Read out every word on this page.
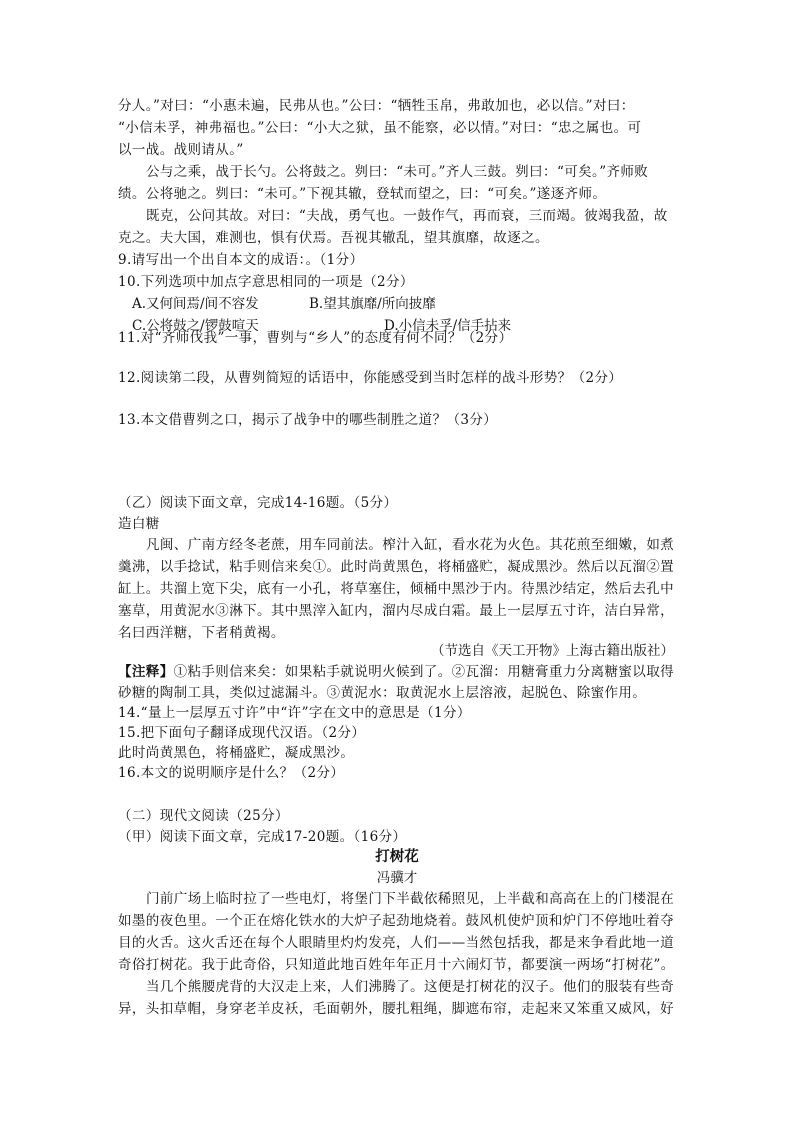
分人。”对曰：“小惠未遍，民弗从也。”公曰：“牺牲玉帛，弗敢加也，必以信。”对曰：
“小信未孚，神弗福也。”公曰：“小大之狱，虽不能察，必以情。”对曰：“忠之属也。可
以一战。战则请从。”
公与之乘，战于长勺。公将鼓之。刿曰：“未可。”齐人三鼓。刿曰：“可矣。”齐师败
绩。公将驰之。刿曰：“未可。”下视其辙，登轼而望之，曰：“可矣。”遂逐齐师。
既克，公问其故。对曰：“夫战，勇气也。一鼓作气，再而衰，三而竭。彼竭我盈，故
克之。夫大国，难测也，惧有伏焉。吾视其辙乱，望其旗靡，故逐之。
9.请写出一个出自本文的成语：。（1分）
10.下列选项中加点字意思相同的一项是（2分）
A.又何间焉/间不容发	B.望其旗靡/所向披靡
C.公将鼓之/锣鼓喧天	D.小信未孚/信手拈来
11.对“齐师伐我”一事，曹刿与“乡人”的态度有何不同？（2分）
12.阅读第二段，从曹刿简短的话语中，你能感受到当时怎样的战斗形势？（2分）
13.本文借曹刿之口，揭示了战争中的哪些制胜之道？（3分）
（乙）阅读下面文章，完成14-16题。（5分）
造白糖
凡闽、广南方经冬老蔗，用车同前法。榨汁入缸，看水花为火色。其花煎至细嫩，如煮
羹沸，以手捻试，粘手则信来矣①。此时尚黄黑色，将桶盛贮，凝成黑沙。然后以瓦溜②置
缸上。共溜上宽下尖，底有一小孔，将草塞住，倾桶中黑沙于内。待黑沙结定，然后去孔中
塞草，用黄泥水③淋下。其中黑滓入缸内，溜内尽成白霜。最上一层厚五寸许，洁白异常，
名曰西洋糖，下者稍黄褐。
（节选自《天工开物》上海古籍出版社）
【注释】①粘手则信来矣：如果粘手就说明火候到了。②瓦溜：用糖膏重力分离糖蜜以取得
砂糖的陶制工具，类似过滤漏斗。③黄泥水：取黄泥水上层溶液，起脱色、除蜜作用。
14.“量上一层厚五寸许”中“许”字在文中的意思是（1分）
15.把下面句子翻译成现代汉语。（2分）
此时尚黄黑色，将桶盛贮，凝成黑沙。
16.本文的说明顺序是什么？（2分）
（二）现代文阅读（25分）
（甲）阅读下面文章，完成17-20题。（16分）
打树花
冯骥才
门前广场上临时拉了一些电灯，将堡门下半截依稀照见，上半截和高高在上的门楼混在
如墨的夜色里。一个正在熔化铁水的大炉子起劲地烧着。鼓风机使炉顶和炉门不停地吐着夺
目的火舌。这火舌还在每个人眼睛里灼灼发亮，人们——当然包括我，都是来争看此地一道
奇俗打树花。我于此奇俗，只知道此地百姓年年正月十六闹灯节，都要演一两场“打树花”。
当几个熊腰虎背的大汉走上来，人们沸腾了。这便是打树花的汉子。他们的服装有些奇
异，头扣草帽，身穿老羊皮袄，毛面朝外，腰扎粗绳，脚遮布帘，走起来又笨重又威风，好
